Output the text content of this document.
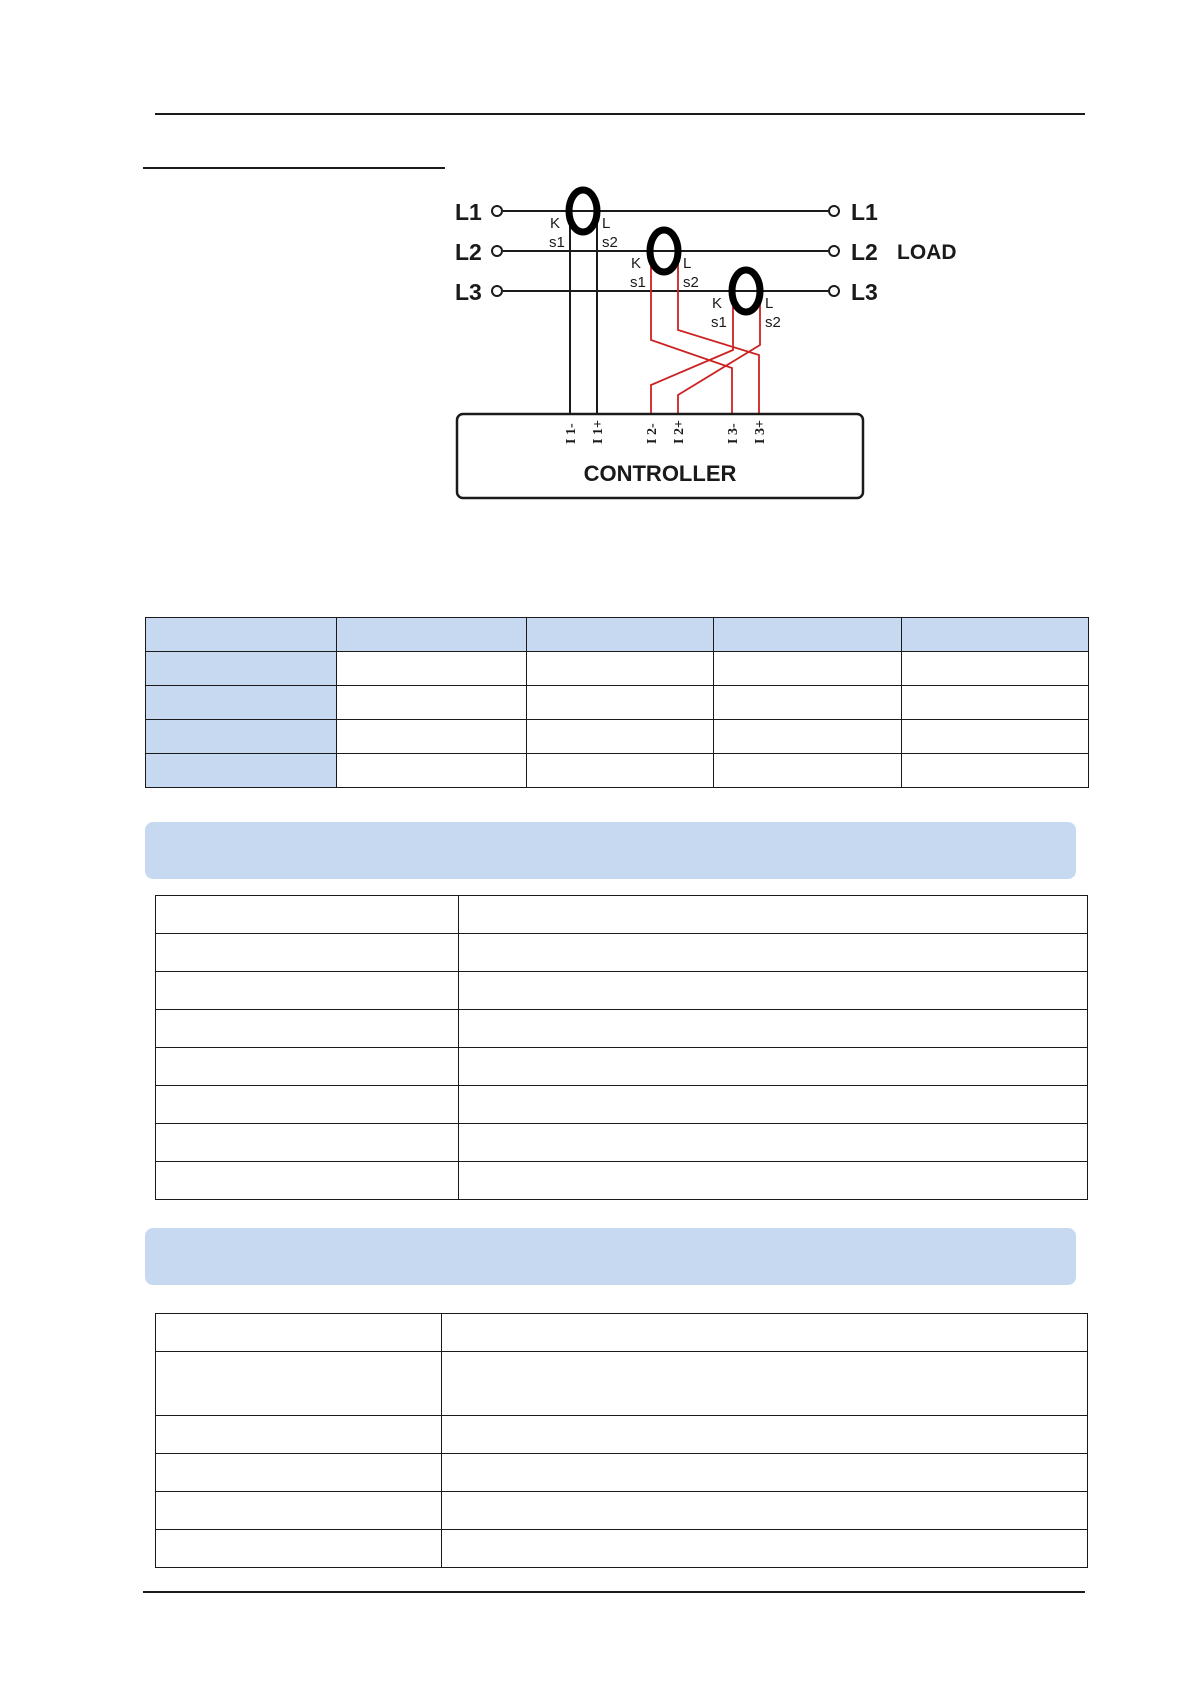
L1
L2
L3
L1
L2
L3
LOAD
K	L
s1 s2
K	L
s1 s2
K	L
s1	s2
I 1- I 1+	I 2- I 2+	I 3- I 3+
CONTROLLER
